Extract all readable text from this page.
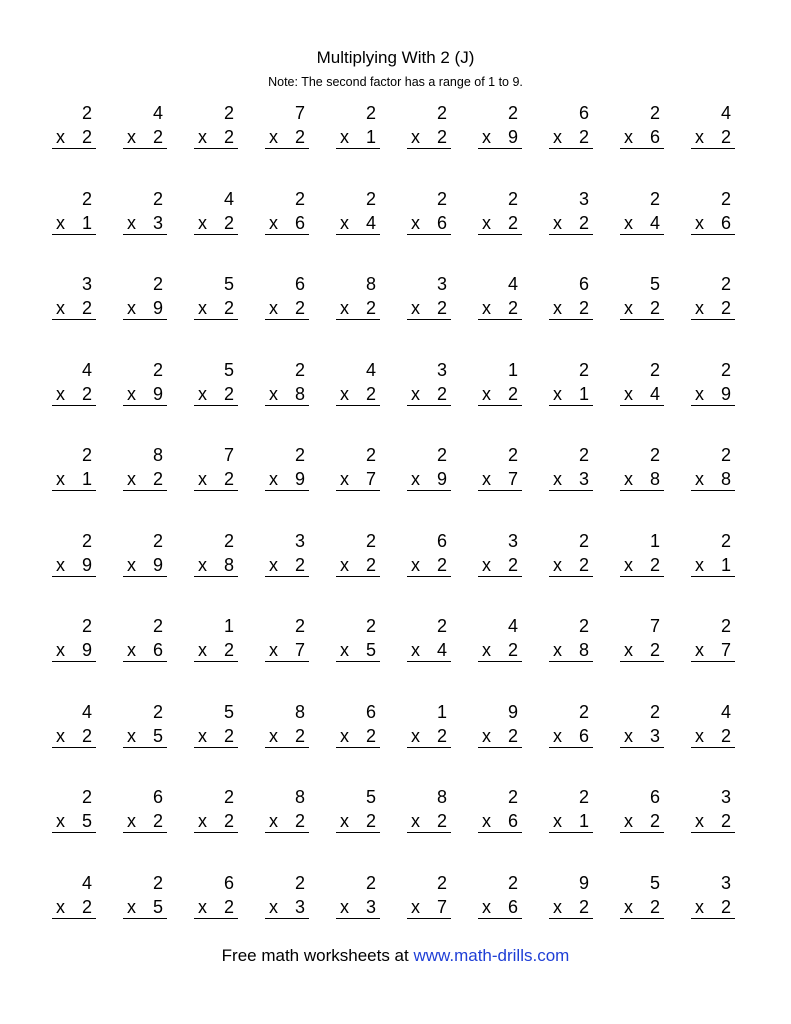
Multiplying With 2 (J)
Note: The second factor has a range of 1 to 9.
2
x 2
4
x 2
2
x 2
7
x 2
2
x 1
2
x 2
2
x 9
6
x 2
2
x 6
4
x 2
2
x 1
2
x 3
4
x 2
2
x 6
2
x 4
2
x 6
2
x 2
3
x 2
2
x 4
2
x 6
3
x 2
2
x 9
5
x 2
6
x 2
8
x 2
3
x 2
4
x 2
6
x 2
5
x 2
2
x 2
4
x 2
2
x 9
5
x 2
2
x 8
4
x 2
3
x 2
1
x 2
2
x 1
2
x 4
2
x 9
2
x 1
8
x 2
7
x 2
2
x 9
2
x 7
2
x 9
2
x 7
2
x 3
2
x 8
2
x 8
2
x 9
2
x 9
2
x 8
3
x 2
2
x 2
6
x 2
3
x 2
2
x 2
1
x 2
2
x 1
2
x 9
2
x 6
1
x 2
2
x 7
2
x 5
2
x 4
4
x 2
2
x 8
7
x 2
2
x 7
4
x 2
2
x 5
5
x 2
8
x 2
6
x 2
1
x 2
9
x 2
2
x 6
2
x 3
4
x 2
2
x 5
6
x 2
2
x 2
8
x 2
5
x 2
8
x 2
2
x 6
2
x 1
6
x 2
3
x 2
4
x 2
2
x 5
6
x 2
2
x 3
2
x 3
2
x 7
2
x 6
9
x 2
5
x 2
3
x 2
Free math worksheets at www.math-drills.com
